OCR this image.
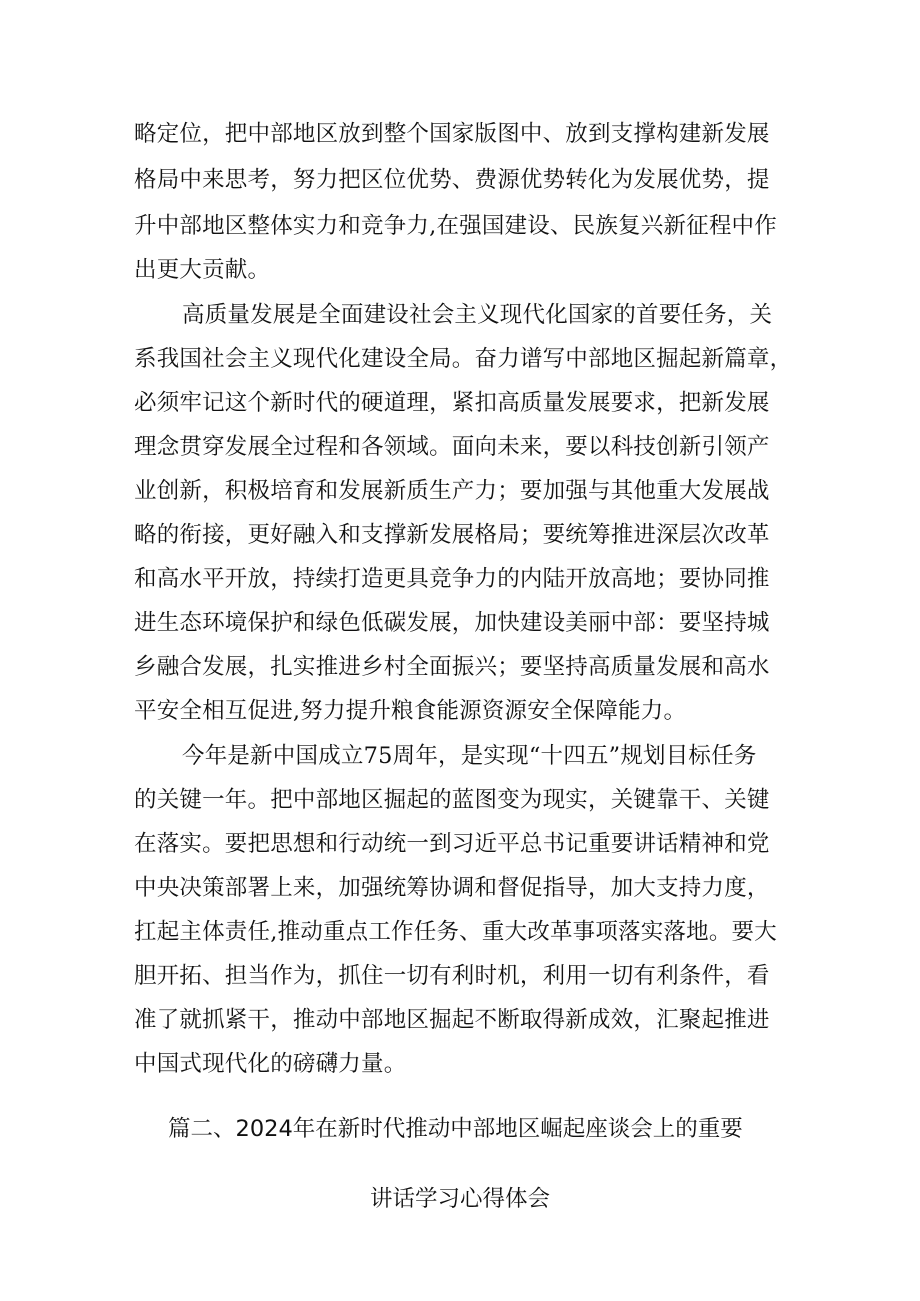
略定位，把中部地区放到整个国家版图中、放到支撑构建新发展
格局中来思考，努力把区位优势、费源优势转化为发展优势，提
升中部地区整体实力和竞争力,在强国建设、民族复兴新征程中作
出更大贡献。
高质量发展是全面建设社会主义现代化国家的首要任务，关
系我国社会主义现代化建设全局。奋力谱写中部地区掘起新篇章，
必须牢记这个新时代的硬道理，紧扣高质量发展要求，把新发展
理念贯穿发展全过程和各领域。面向未来，要以科技创新引领产
业创新，积极培育和发展新质生产力；要加强与其他重大发展战
略的衔接，更好融入和支撑新发展格局；要统筹推进深层次改革
和高水平开放，持续打造更具竞争力的内陆开放高地；要协同推
进生态环境保护和绿色低碳发展，加快建设美丽中部：要坚持城
乡融合发展，扎实推进乡村全面振兴；要坚持高质量发展和高水
平安全相互促进,努力提升粮食能源资源安全保障能力。
今年是新中国成立75周年，是实现“十四五”规划目标任务
的关键一年。把中部地区掘起的蓝图变为现实，关键靠干、关键
在落实。要把思想和行动统一到习近平总书记重要讲话精神和党
中央决策部署上来，加强统筹协调和督促指导，加大支持力度，
扛起主体责任,推动重点工作任务、重大改革事项落实落地。要大
胆开拓、担当作为，抓住一切有利时机，利用一切有利条件，看
准了就抓紧干，推动中部地区掘起不断取得新成效，汇聚起推进
中国式现代化的磅礴力量。
篇二、2024年在新时代推动中部地区崛起座谈会上的重要
讲话学习心得体会
